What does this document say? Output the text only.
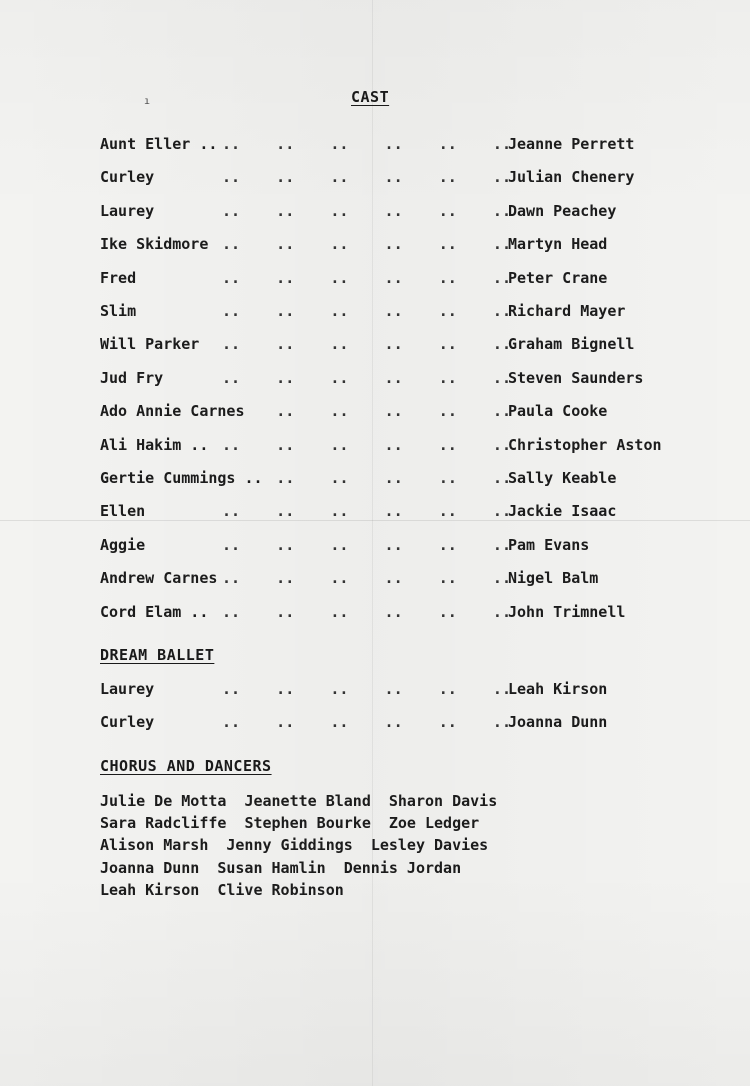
ı	CAST
..    ..    ..    ..    ..    ..
Aunt Eller ..	Jeanne Perrett
..    ..    ..    ..    ..    ..
Curley	Julian Chenery
..    ..    ..    ..    ..    ..
Laurey	Dawn Peachey
..    ..    ..    ..    ..    ..
Ike Skidmore	Martyn Head
..    ..    ..    ..    ..    ..
Fred	Peter Crane
..    ..    ..    ..    ..    ..
Slim	Richard Mayer
..    ..    ..    ..    ..    ..
Will Parker	Graham Bignell
..    ..    ..    ..    ..    ..
Jud Fry	Steven Saunders
..    ..    ..    ..    ..
Ado Annie Carnes	Paula Cooke
..    ..    ..    ..    ..    ..
Ali Hakim ..	Christopher Aston
..    ..    ..    ..    ..
Gertie Cummings ..	Sally Keable
..    ..    ..    ..    ..    ..
Ellen	Jackie Isaac
..    ..    ..    ..    ..    ..
Aggie	Pam Evans
..    ..    ..    ..    ..    ..
Andrew Carnes	Nigel Balm
..    ..    ..    ..    ..    ..
Cord Elam ..	John Trimnell
DREAM BALLET
..    ..    ..    ..    ..    ..
Laurey	Leah Kirson
..    ..    ..    ..    ..    ..
Curley	Joanna Dunn
CHORUS AND DANCERS
Julie De Motta Jeanette Bland Sharon Davis
Sara Radcliffe Stephen Bourke Zoe Ledger
Alison Marsh Jenny Giddings Lesley Davies
Joanna Dunn Susan Hamlin Dennis Jordan
Leah Kirson Clive Robinson
